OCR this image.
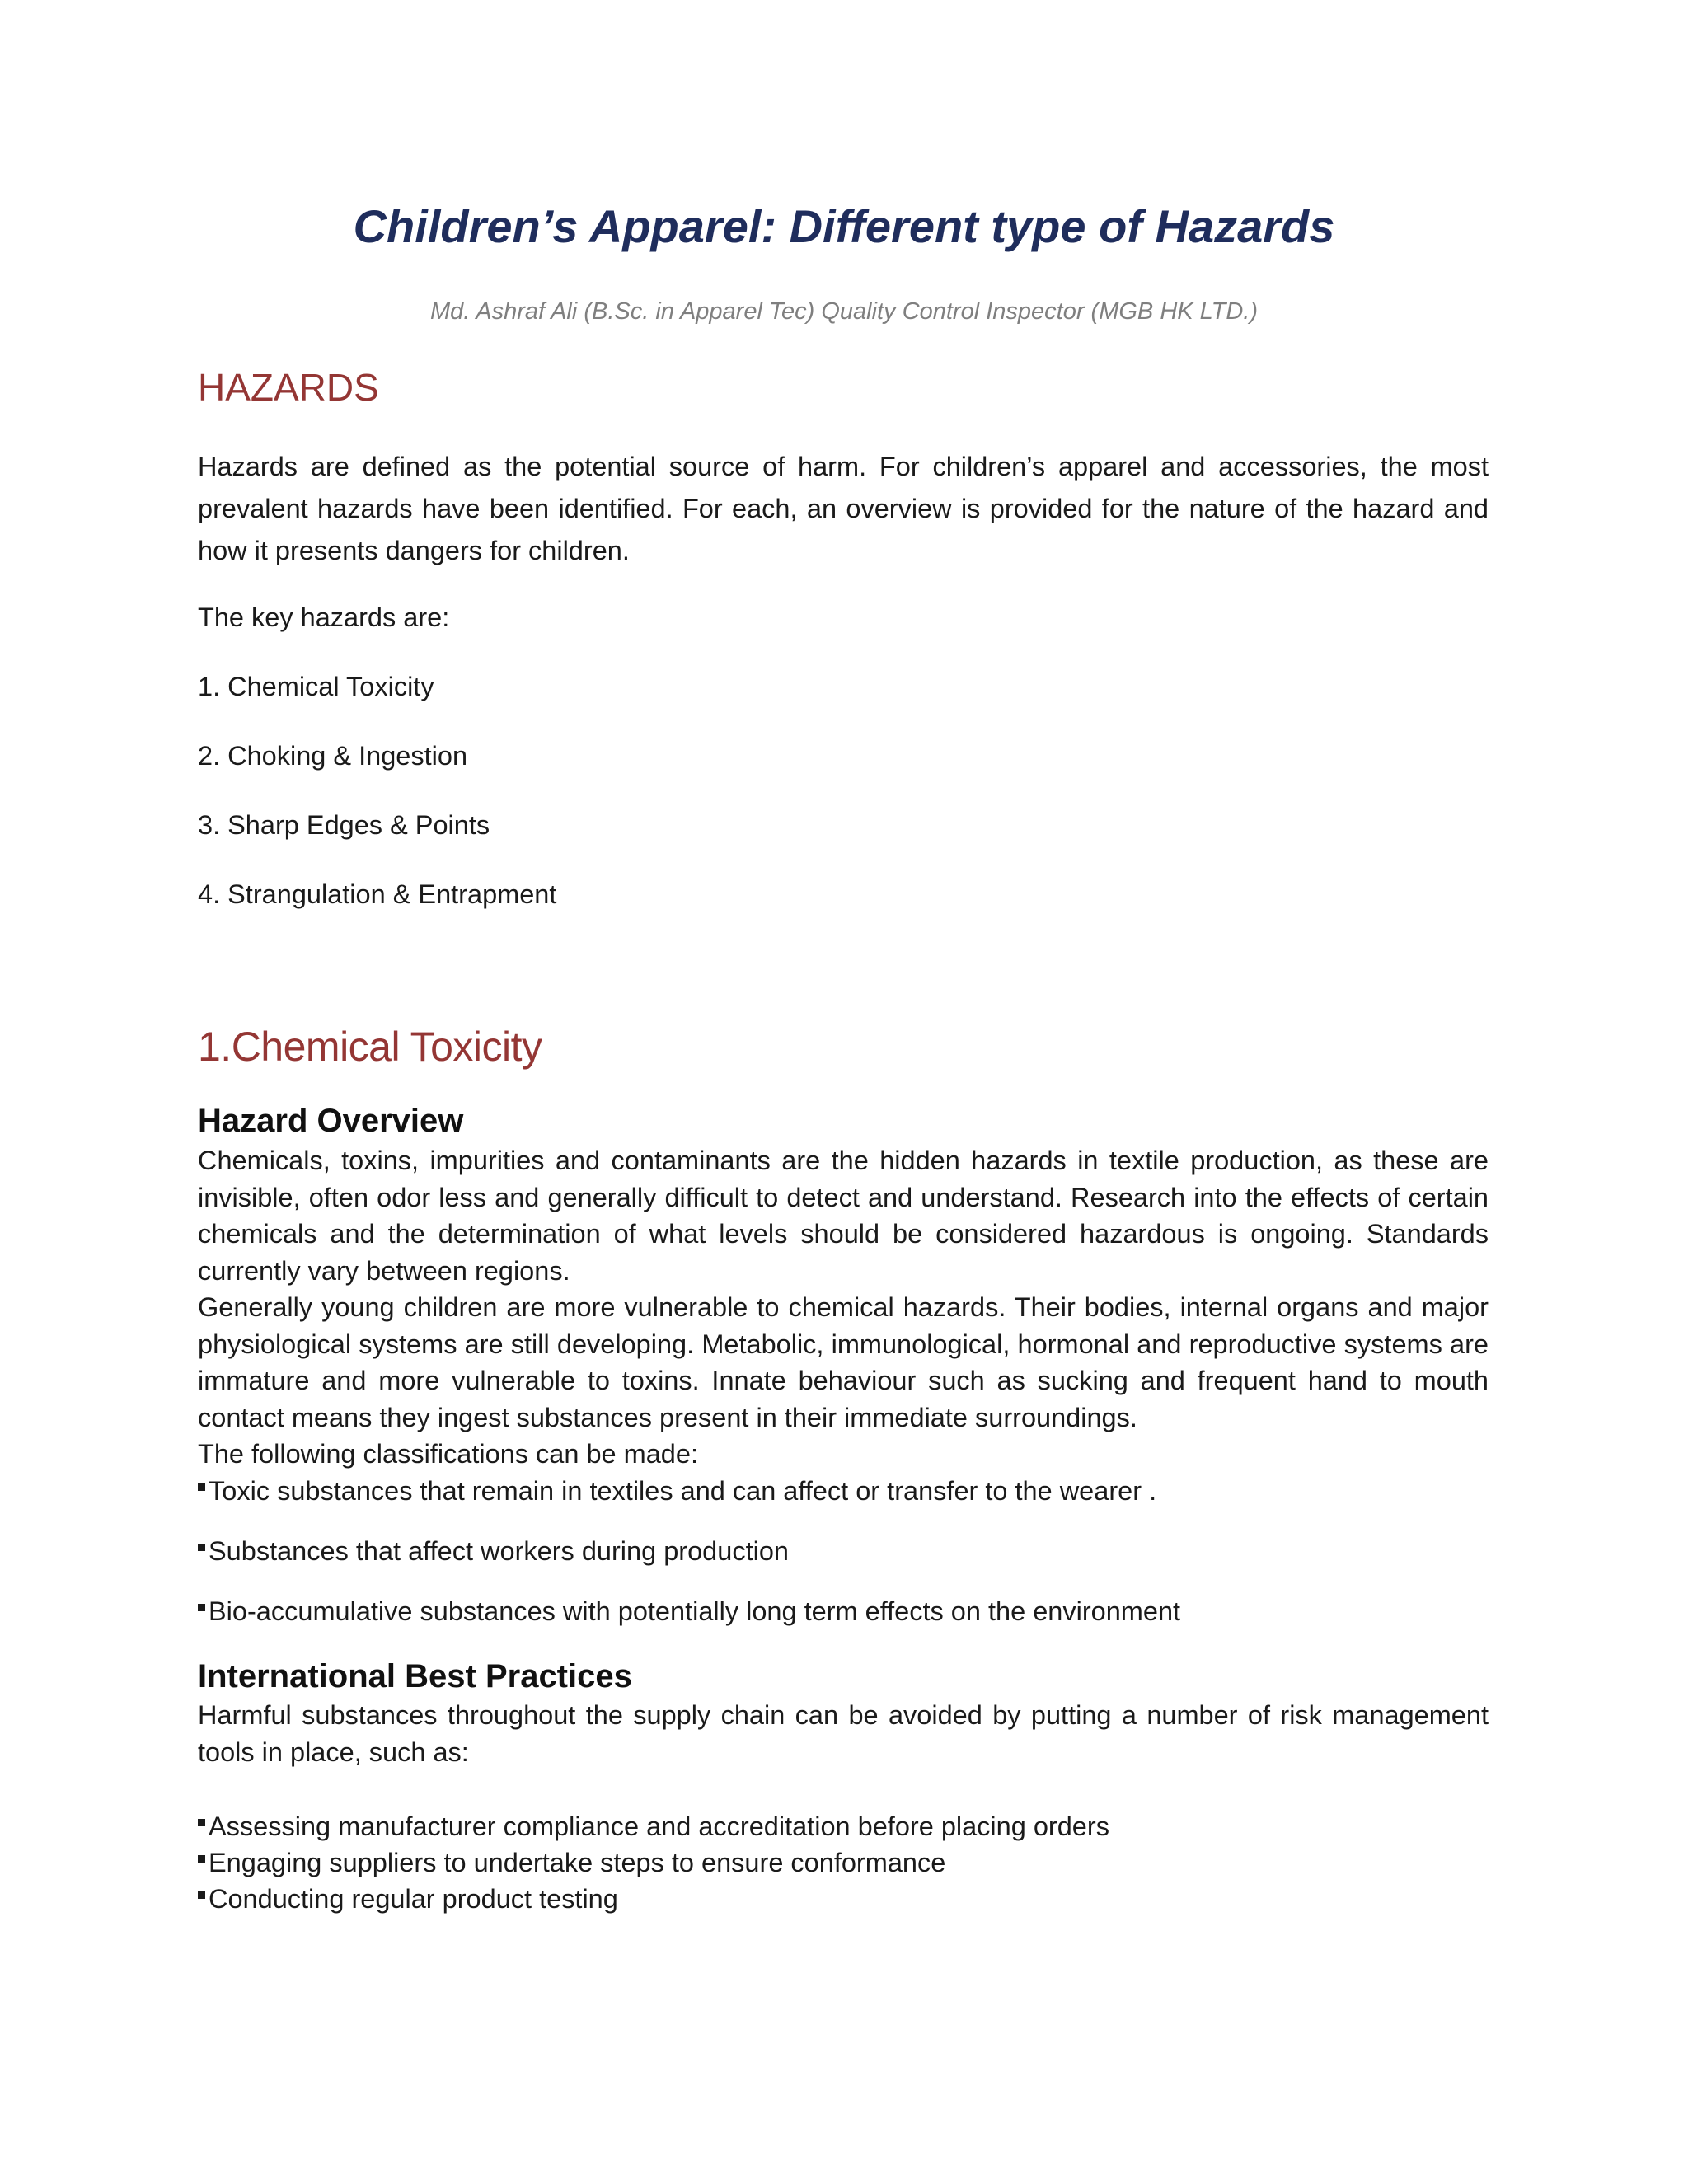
Children’s Apparel: Different type of Hazards
Md. Ashraf Ali (B.Sc. in Apparel Tec) Quality Control Inspector (MGB HK LTD.)
HAZARDS

Hazards are defined as the potential source of harm. For children’s apparel and accessories, the most prevalent hazards have been identified. For each, an overview is provided for the nature of the hazard and how it presents dangers for children.

The key hazards are:

1. Chemical Toxicity

2. Choking & Ingestion

3. Sharp Edges & Points

4. Strangulation & Entrapment

1.Chemical Toxicity
Hazard Overview

Chemicals, toxins, impurities and contaminants are the hidden hazards in textile production, as these are invisible, often odor less and generally difficult to detect and understand. Research into the effects of certain chemicals and the determination of what levels should be considered hazardous is ongoing. Standards currently vary between regions.

Generally young children are more vulnerable to chemical hazards. Their bodies, internal organs and major physiological systems are still developing. Metabolic, immunological, hormonal and reproductive systems are immature and more vulnerable to toxins. Innate behaviour such as sucking and frequent hand to mouth contact means they ingest substances present in their immediate surroundings.

The following classifications can be made:

Toxic substances that remain in textiles and can affect or transfer to the wearer .
Substances that affect workers during production
Bio-accumulative substances with potentially long term effects on the environment
International Best Practices

Harmful substances throughout the supply chain can be avoided by putting a number of risk management tools in place, such as:

Assessing manufacturer compliance and accreditation before placing orders
Engaging suppliers to undertake steps to ensure conformance
Conducting regular product testing
